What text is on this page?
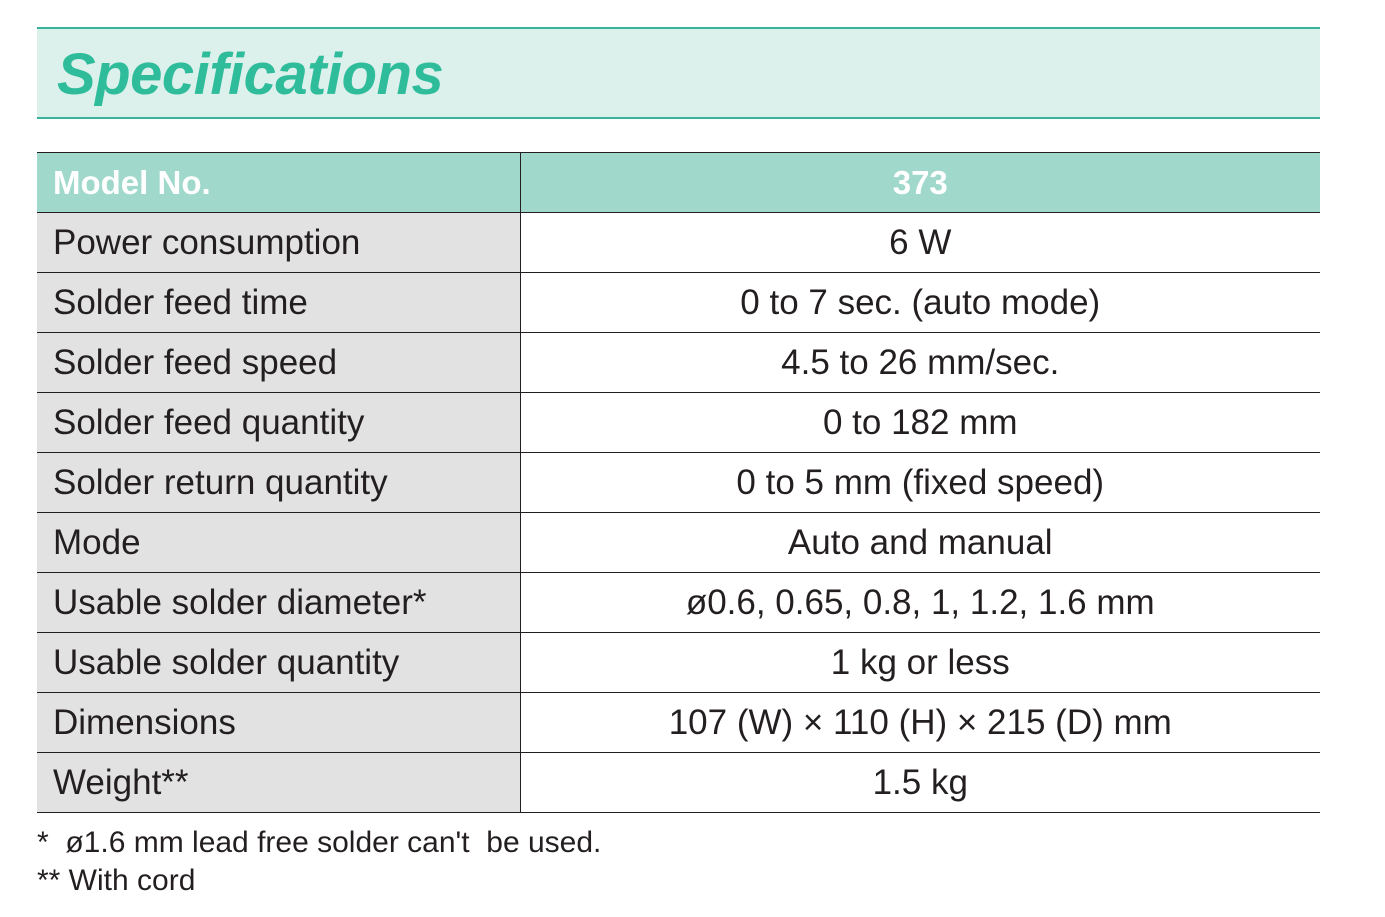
Specifications
Model No.	373
Power consumption	6 W
Solder feed time	0 to 7 sec. (auto mode)
Solder feed speed	4.5 to 26 mm/sec.
Solder feed quantity	0 to 182 mm
Solder return quantity	0 to 5 mm (fixed speed)
Mode	Auto and manual
Usable solder diameter*	ø0.6, 0.65, 0.8, 1, 1.2, 1.6 mm
Usable solder quantity	1 kg or less
Dimensions	107 (W) × 110 (H) × 215 (D) mm
Weight**	1.5 kg
*  ø1.6 mm lead free solder can't  be used.
** With cord
